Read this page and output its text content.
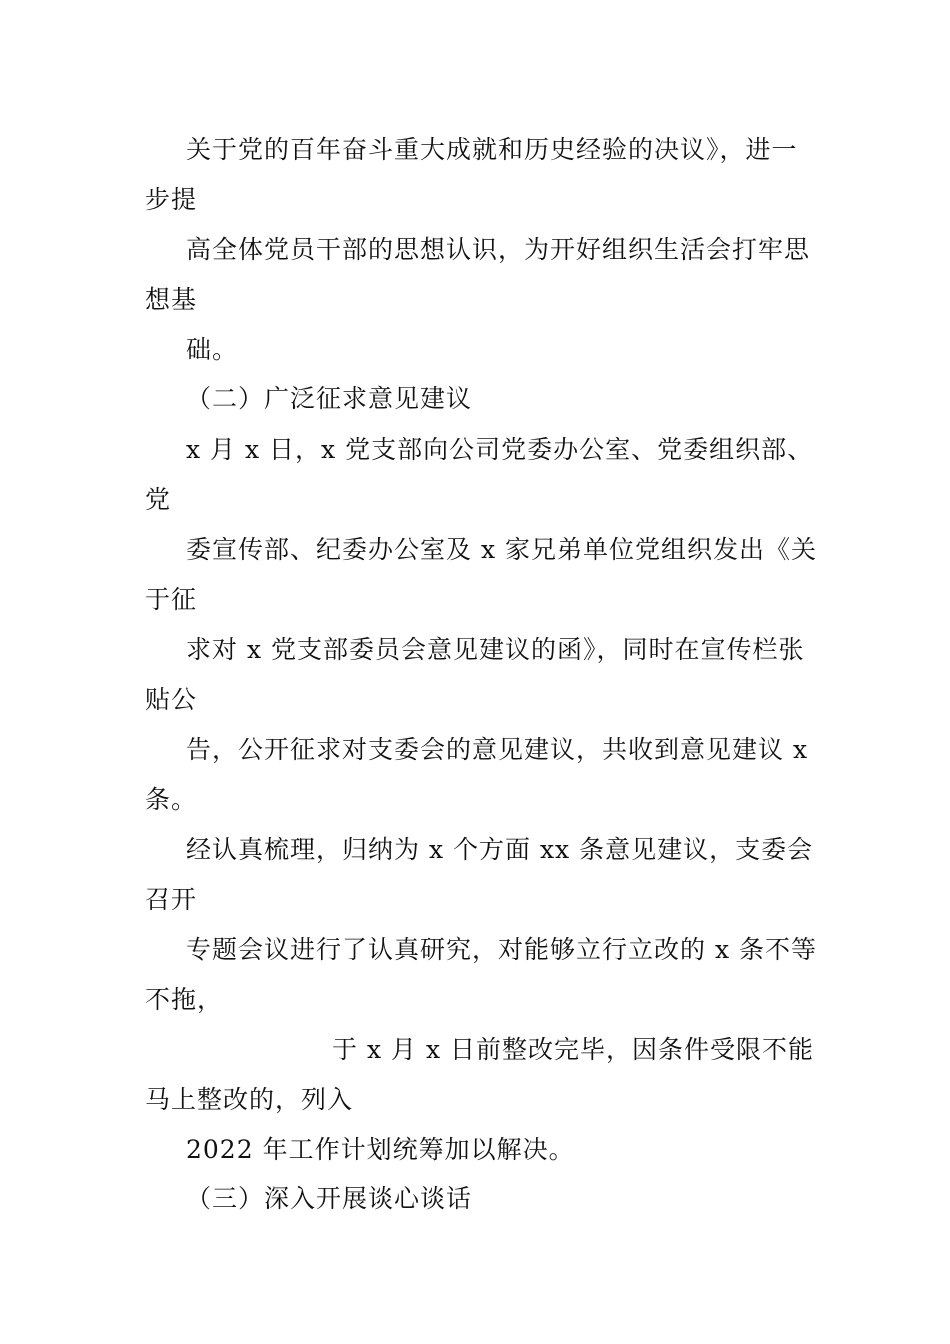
关于党的百年奋斗重大成就和历史经验的决议》，进一
步提
高全体党员干部的思想认识，为开好组织生活会打牢思
想基
础。
（二）广泛征求意见建议
x 月 x 日，x 党支部向公司党委办公室、党委组织部、
党
委宣传部、纪委办公室及 x 家兄弟单位党组织发出《关
于征
求对 x 党支部委员会意见建议的函》，同时在宣传栏张
贴公
告，公开征求对支委会的意见建议，共收到意见建议 x
条。
经认真梳理，归纳为 x 个方面 xx 条意见建议，支委会
召开
专题会议进行了认真研究，对能够立行立改的 x 条不等
不拖，
于 x 月 x 日前整改完毕，因条件受限不能
马上整改的，列入
2022 年工作计划统筹加以解决。
（三）深入开展谈心谈话
